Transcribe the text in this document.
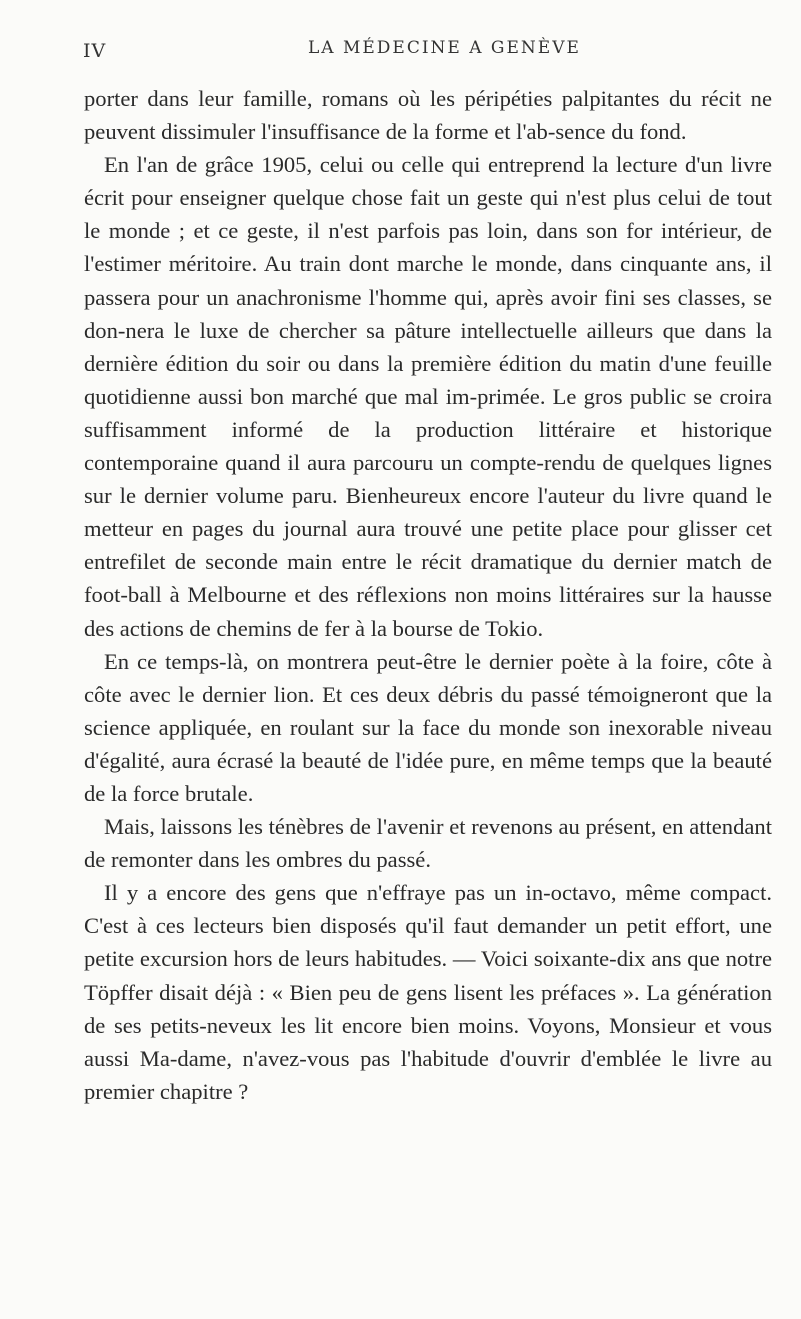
IV	LA MÉDECINE A GENÈVE

porter dans leur famille, romans où les péripéties palpitantes du récit ne peuvent dissimuler l'insuffisance de la forme et l'ab-sence du fond.

En l'an de grâce 1905, celui ou celle qui entreprend la lecture d'un livre écrit pour enseigner quelque chose fait un geste qui n'est plus celui de tout le monde ; et ce geste, il n'est parfois pas loin, dans son for intérieur, de l'estimer méritoire. Au train dont marche le monde, dans cinquante ans, il passera pour un anachronisme l'homme qui, après avoir fini ses classes, se don-nera le luxe de chercher sa pâture intellectuelle ailleurs que dans la dernière édition du soir ou dans la première édition du matin d'une feuille quotidienne aussi bon marché que mal im-primée. Le gros public se croira suffisamment informé de la production littéraire et historique contemporaine quand il aura parcouru un compte-rendu de quelques lignes sur le dernier volume paru. Bienheureux encore l'auteur du livre quand le metteur en pages du journal aura trouvé une petite place pour glisser cet entrefilet de seconde main entre le récit dramatique du dernier match de foot-ball à Melbourne et des réflexions non moins littéraires sur la hausse des actions de chemins de fer à la bourse de Tokio.

En ce temps-là, on montrera peut-être le dernier poète à la foire, côte à côte avec le dernier lion. Et ces deux débris du passé témoigneront que la science appliquée, en roulant sur la face du monde son inexorable niveau d'égalité, aura écrasé la beauté de l'idée pure, en même temps que la beauté de la force brutale.

Mais, laissons les ténèbres de l'avenir et revenons au présent, en attendant de remonter dans les ombres du passé.

Il y a encore des gens que n'effraye pas un in-octavo, même compact. C'est à ces lecteurs bien disposés qu'il faut demander un petit effort, une petite excursion hors de leurs habitudes. — Voici soixante-dix ans que notre Töpffer disait déjà : « Bien peu de gens lisent les préfaces ». La génération de ses petits-neveux les lit encore bien moins. Voyons, Monsieur et vous aussi Ma-dame, n'avez-vous pas l'habitude d'ouvrir d'emblée le livre au premier chapitre ?
